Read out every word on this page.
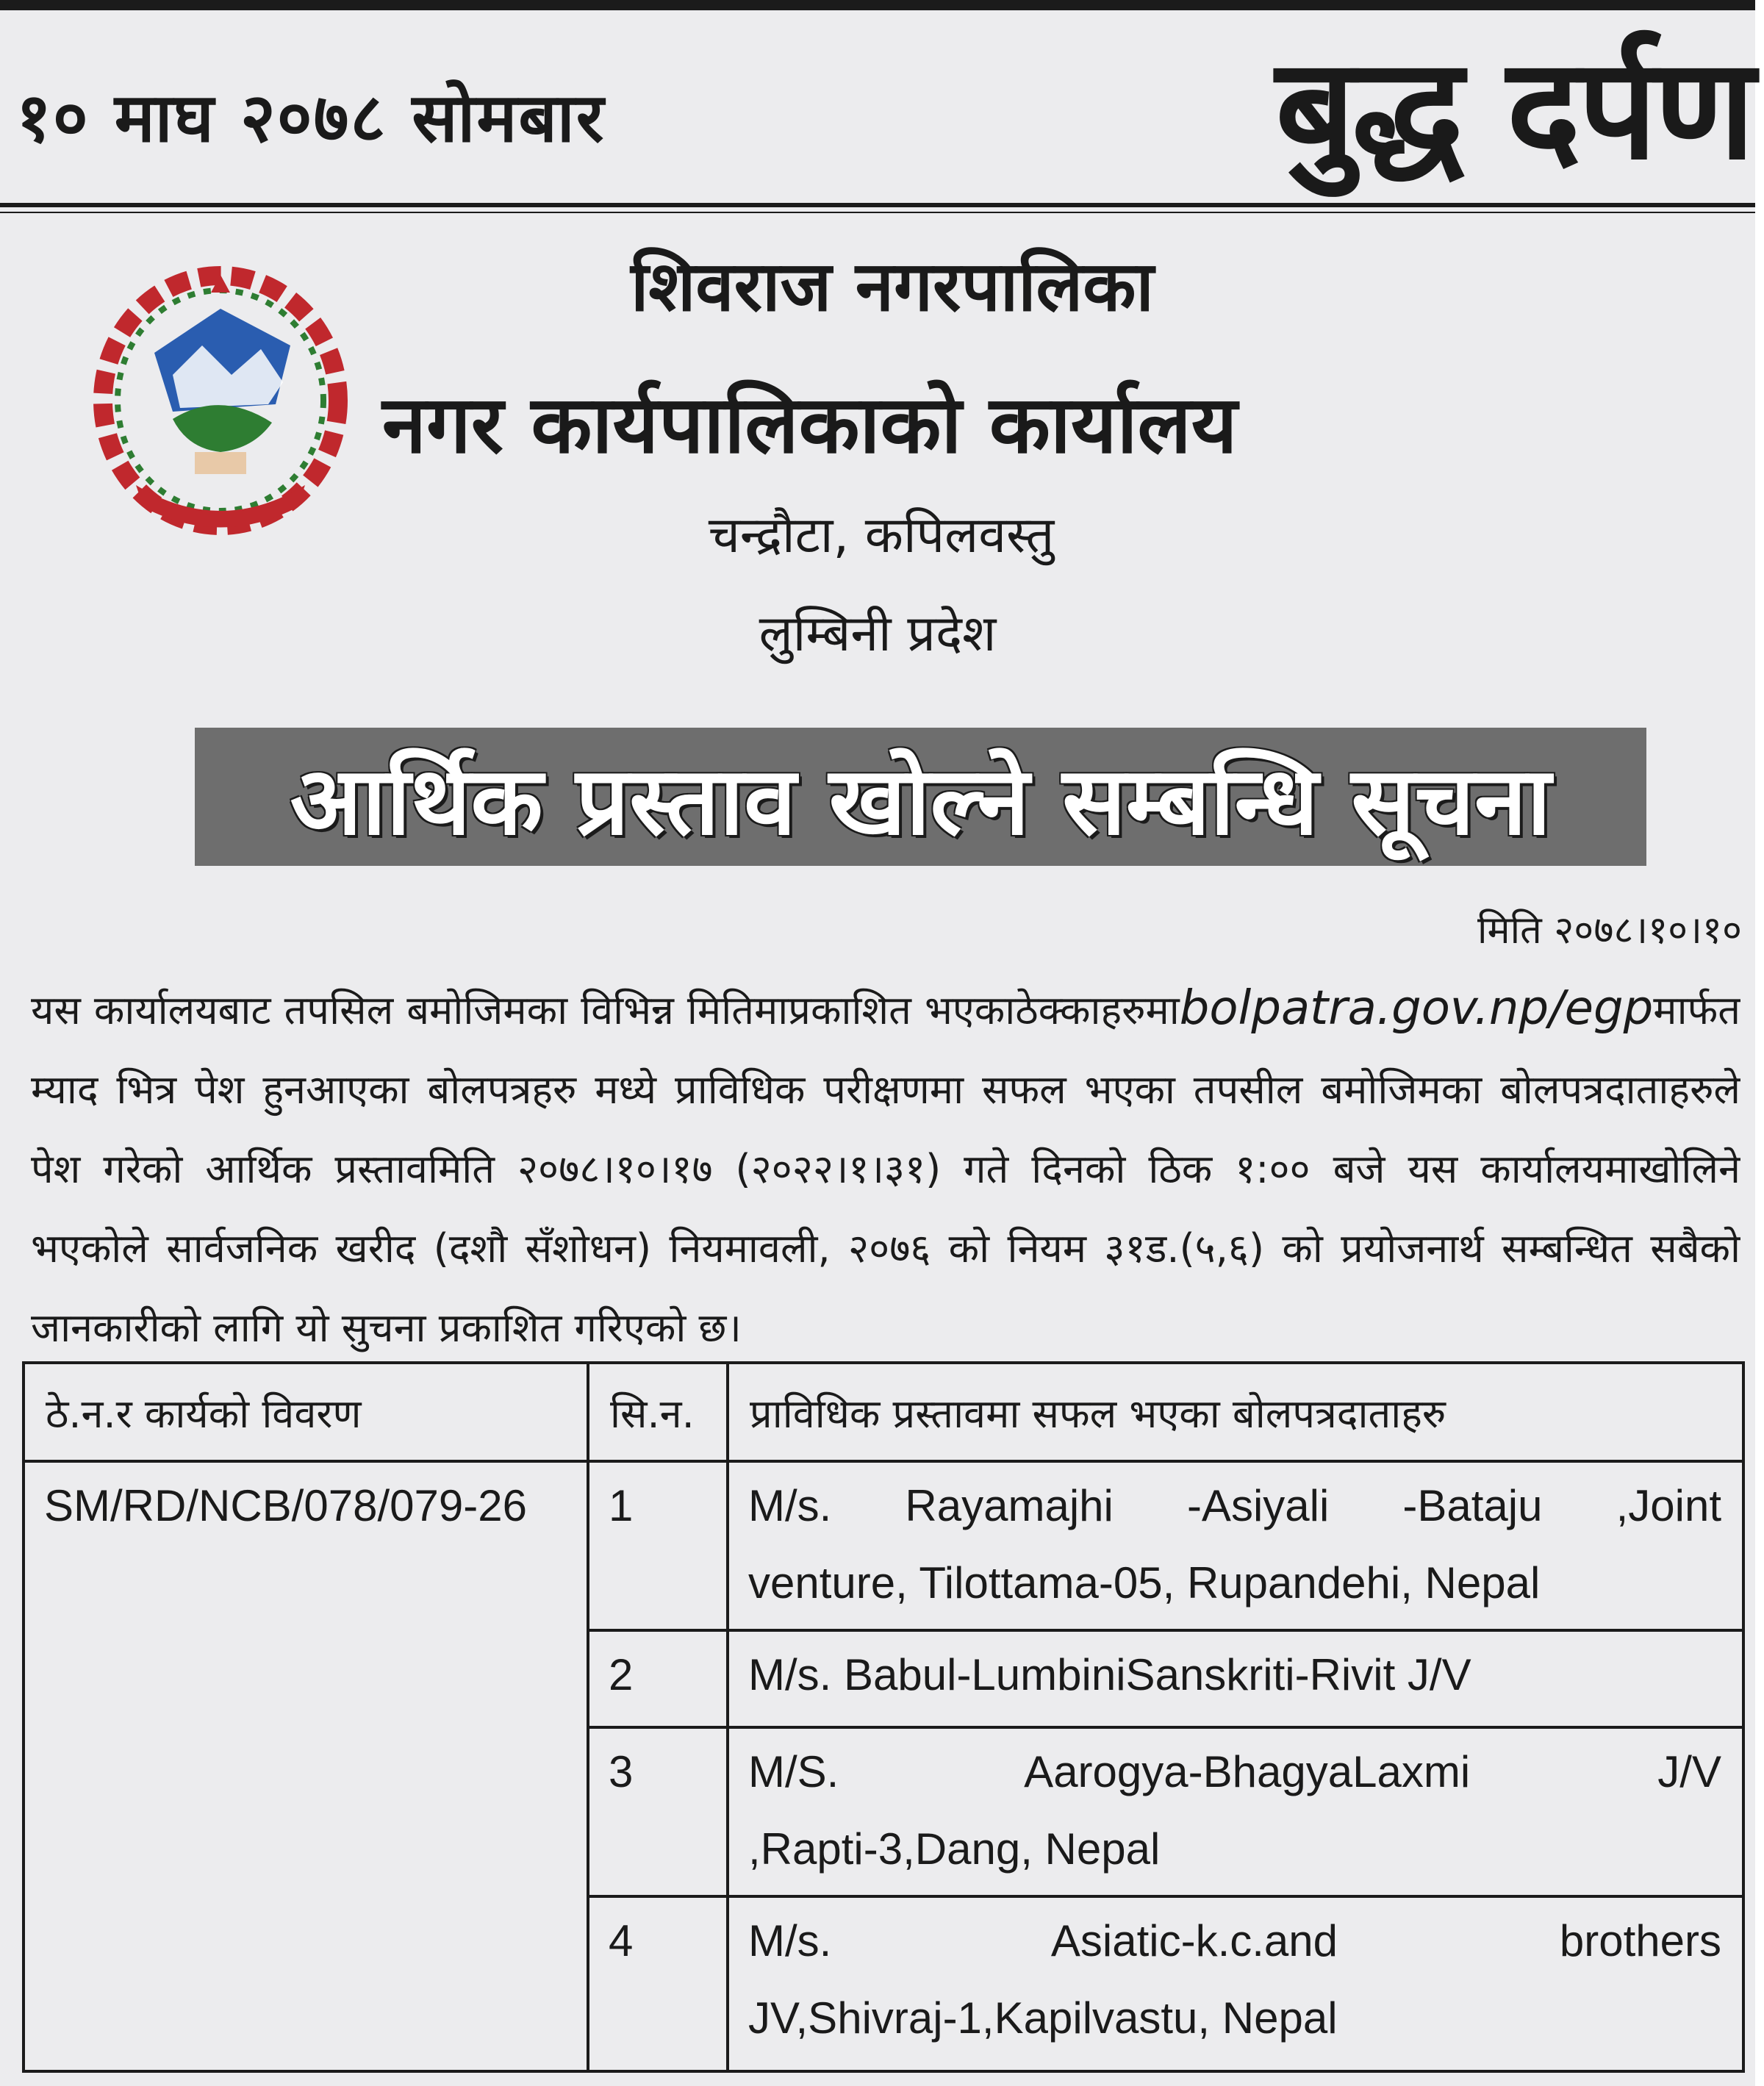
१० माघ २०७८ सोमबार	बुद्ध दर्पण
शिवराज नगरपालिका
नगर कार्यपालिकाको कार्यालय
चन्द्रौटा, कपिलवस्तु
लुम्बिनी प्रदेश
आर्थिक प्रस्ताव खोल्ने सम्बन्धि सूचना
मिति २०७८।१०।१०
यस कार्यालयबाट तपसिल बमोजिमका विभिन्न मितिमाप्रकाशित भएकाठेक्काहरुमाbolpatra.gov.np/egpमार्फत
म्याद भित्र पेश हुनआएका बोलपत्रहरु मध्ये प्राविधिक परीक्षणमा सफल भएका तपसील बमोजिमका बोलपत्रदाताहरुले
पेश गरेको आर्थिक प्रस्तावमिति २०७८।१०।१७ (२०२२।१।३१) गते दिनको ठिक १:०० बजे यस कार्यालयमाखोलिने
भएकोले सार्वजनिक खरीद (दशौ सँशोधन) नियमावली, २०७६ को नियम ३१ड.(५,६) को प्रयोजनार्थ सम्बन्धित सबैको
जानकारीको लागि यो सुचना प्रकाशित गरिएको छ।
ठे.न.र कार्यको विवरण	सि.न.	प्राविधिक प्रस्तावमा सफल भएका बोलपत्रदाताहरु
SM/RD/NCB/078/079-26	1	M/s. Rayamajhi -Asiyali -Bataju ,Joint
venture, Tilottama-05, Rupandehi, Nepal

	2	M/s. Babul-LumbiniSanskriti-Rivit J/V

	3	M/S. Aarogya-BhagyaLaxmi J/V
,Rapti-3,Dang, Nepal

	4	M/s. Asiatic-k.c.and brothers
JV,Shivraj-1,Kapilvastu, Nepal
